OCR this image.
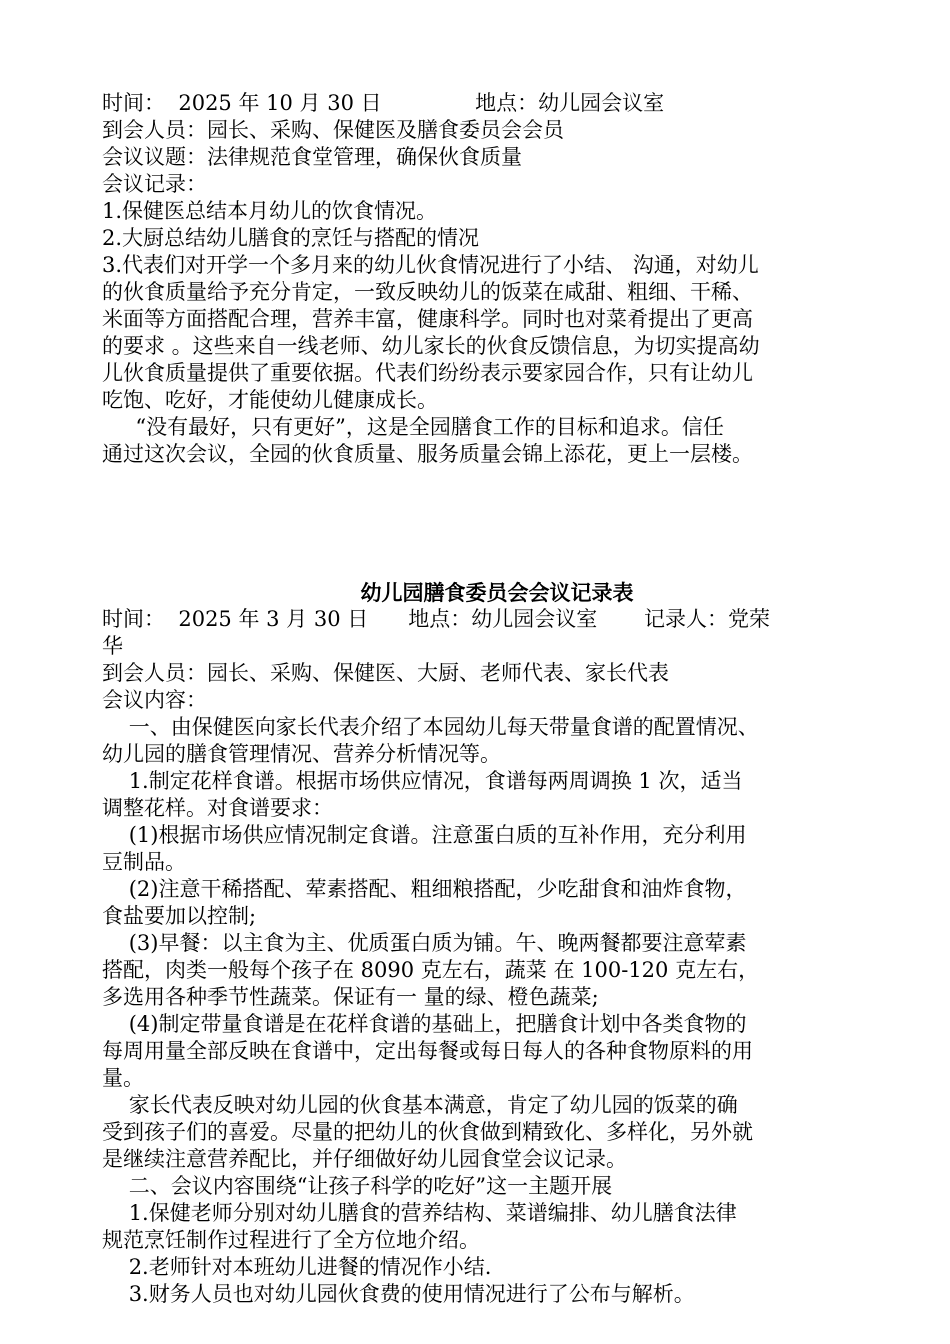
时间：  2025 年 10 月 30 日              地点：幼儿园会议室
到会人员：园长、采购、保健医及膳食委员会会员
会议议题：法律规范食堂管理，确保伙食质量
会议记录：
1.保健医总结本月幼儿的饮食情况。
2.大厨总结幼儿膳食的烹饪与搭配的情况
3.代表们对开学一个多月来的幼儿伙食情况进行了小结、 沟通，对幼儿
的伙食质量给予充分肯定，一致反映幼儿的饭菜在咸甜、粗细、干稀、
米面等方面搭配合理，营养丰富，健康科学。同时也对菜肴提出了更高
的要求 。这些来自一线老师、幼儿家长的伙食反馈信息，为切实提高幼
儿伙食质量提供了重要依据。代表们纷纷表示要家园合作，只有让幼儿
吃饱、吃好，才能使幼儿健康成长。
“没有最好，只有更好”，这是全园膳食工作的目标和追求。信任
通过这次会议，全园的伙食质量、服务质量会锦上添花，更上一层楼。
幼儿园膳食委员会会议记录表
时间：  2025 年 3 月 30 日      地点：幼儿园会议室       记录人：党荣
华
到会人员：园长、采购、保健医、大厨、老师代表、家长代表
会议内容：
一、由保健医向家长代表介绍了本园幼儿每天带量食谱的配置情况、
幼儿园的膳食管理情况、营养分析情况等。
1.制定花样食谱。根据市场供应情况，食谱每两周调换 1 次，适当
调整花样。对食谱要求：
(1)根据市场供应情况制定食谱。注意蛋白质的互补作用，充分利用
豆制品。
(2)注意干稀搭配、荤素搭配、粗细粮搭配，少吃甜食和油炸食物，
食盐要加以控制;
(3)早餐：以主食为主、优质蛋白质为铺。午、晚两餐都要注意荤素
搭配，肉类一般每个孩子在 8090 克左右，蔬菜 在 100-120 克左右，
多选用各种季节性蔬菜。保证有一 量的绿、橙色蔬菜;
(4)制定带量食谱是在花样食谱的基础上，把膳食计划中各类食物的
每周用量全部反映在食谱中，定出每餐或每日每人的各种食物原料的用
量。
家长代表反映对幼儿园的伙食基本满意，肯定了幼儿园的饭菜的确
受到孩子们的喜爱。尽量的把幼儿的伙食做到精致化、多样化，另外就
是继续注意营养配比，并仔细做好幼儿园食堂会议记录。
二、会议内容围绕“让孩子科学的吃好”这一主题开展
1.保健老师分别对幼儿膳食的营养结构、菜谱编排、幼儿膳食法律
规范烹饪制作过程进行了全方位地介绍。
2.老师针对本班幼儿进餐的情况作小结.
3.财务人员也对幼儿园伙食费的使用情况进行了公布与解析。
